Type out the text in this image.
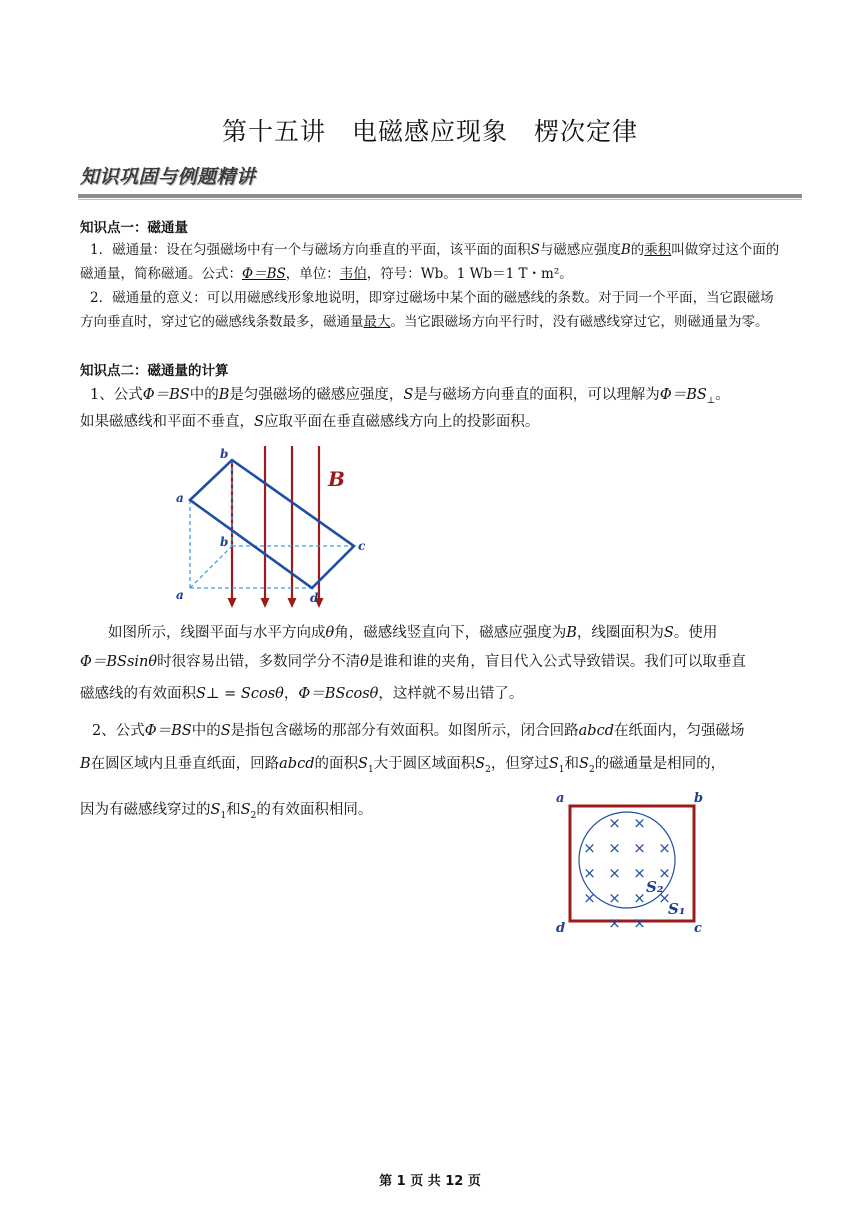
第十五讲　电磁感应现象　楞次定律
知识巩固与例题精讲
知识点一：磁通量
1．磁通量：设在匀强磁场中有一个与磁场方向垂直的平面，该平面的面积S与磁感应强度B的乘积叫做穿过这个面的磁通量，简称磁通。公式：Φ＝BS，单位：韦伯，符号：Wb。1 Wb＝1 T・m²。
2．磁通量的意义：可以用磁感线形象地说明，即穿过磁场中某个面的磁感线的条数。对于同一个平面，当它跟磁场方向垂直时，穿过它的磁感线条数最多，磁通量最大。当它跟磁场方向平行时，没有磁感线穿过它，则磁通量为零。
知识点二：磁通量的计算
1、公式Φ＝BS中的B是匀强磁场的磁感应强度，S是与磁场方向垂直的面积，可以理解为$\Phi=BS_\perp$。
如果磁感线和平面不垂直，S应取平面在垂直磁感线方向上的投影面积。
b
a
b	c
a	d
B
如图所示，线圈平面与水平方向成θ角，磁感线竖直向下，磁感应强度为B，线圈面积为S。使用
Φ＝BSsinθ时很容易出错，多数同学分不清θ是谁和谁的夹角，盲目代入公式导致错误。我们可以取垂直
磁感线的有效面积S⊥ = Scosθ，Φ＝BScosθ，这样就不易出错了。
2、公式Φ＝BS中的S是指包含磁场的那部分有效面积。如图所示，闭合回路abcd在纸面内，匀强磁场
B在圆区域内且垂直纸面，回路abcd的面积$S_1$大于圆区域面积$S_2$，但穿过$S_1$和$S_2$的磁通量是相同的，
因为有磁感线穿过的$S_1$和$S_2$的有效面积相同。
× ×
× × × ×
× × × ×
× × × ×
× ×
a	b
d	c
S₂
S₁
第 1 页 共 12 页
